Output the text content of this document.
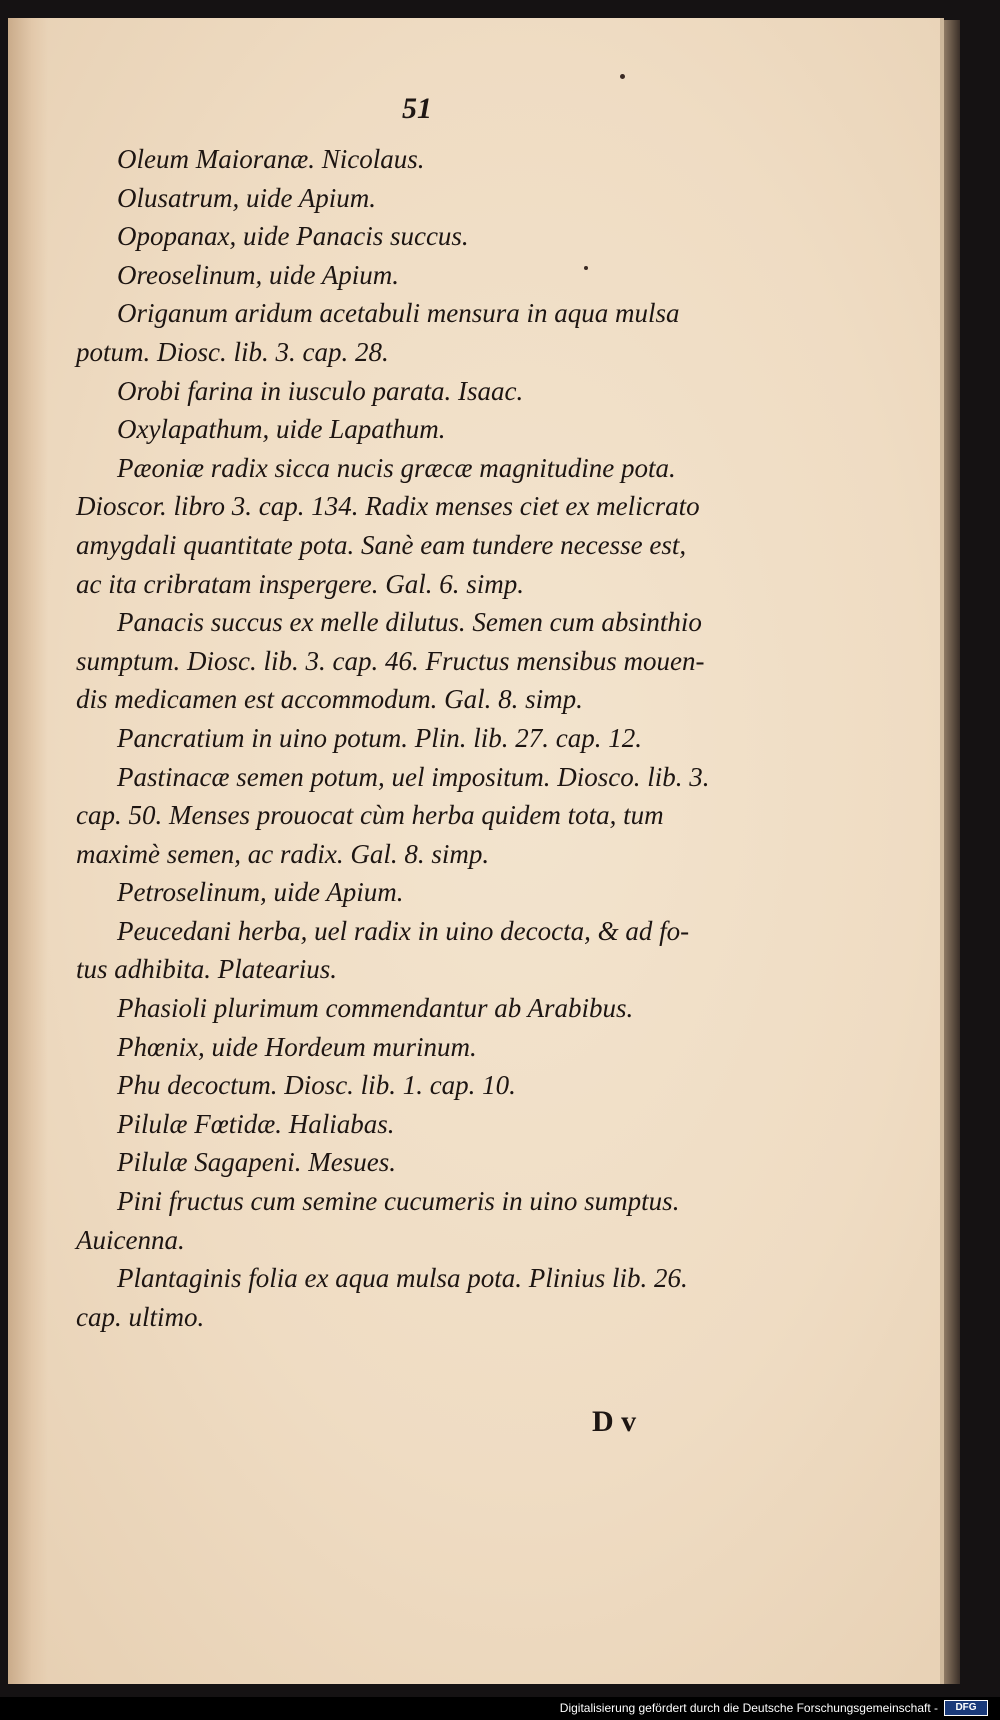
51
Oleum Maioranæ. Nicolaus.
Olusatrum, uide Apium.
Opopanax, uide Panacis succus.
Oreoselinum, uide Apium.
Origanum aridum acetabuli mensura in aqua mulsa
potum. Diosc. lib. 3. cap. 28.
Orobi farina in iusculo parata. Isaac.
Oxylapathum, uide Lapathum.
Pæoniæ radix sicca nucis græcæ magnitudine pota.
Dioscor. libro 3. cap. 134. Radix menses ciet ex melicrato
amygdali quantitate pota. Sanè eam tundere necesse est,
ac ita cribratam inspergere. Gal. 6. simp.
Panacis succus ex melle dilutus. Semen cum absinthio
sumptum. Diosc. lib. 3. cap. 46. Fructus mensibus mouen-
dis medicamen est accommodum. Gal. 8. simp.
Pancratium in uino potum. Plin. lib. 27. cap. 12.
Pastinacæ semen potum, uel impositum. Diosco. lib. 3.
cap. 50. Menses prouocat cùm herba quidem tota, tum
maximè semen, ac radix. Gal. 8. simp.
Petroselinum, uide Apium.
Peucedani herba, uel radix in uino decocta, & ad fo-
tus adhibita. Platearius.
Phasioli plurimum commendantur ab Arabibus.
Phœnix, uide Hordeum murinum.
Phu decoctum. Diosc. lib. 1. cap. 10.
Pilulæ Fœtidæ. Haliabas.
Pilulæ Sagapeni. Mesues.
Pini fructus cum semine cucumeris in uino sumptus.
Auicenna.
Plantaginis folia ex aqua mulsa pota. Plinius lib. 26.
cap. ultimo.
D v
Digitalisierung gefördert durch die Deutsche Forschungsgemeinschaft -	DFG
